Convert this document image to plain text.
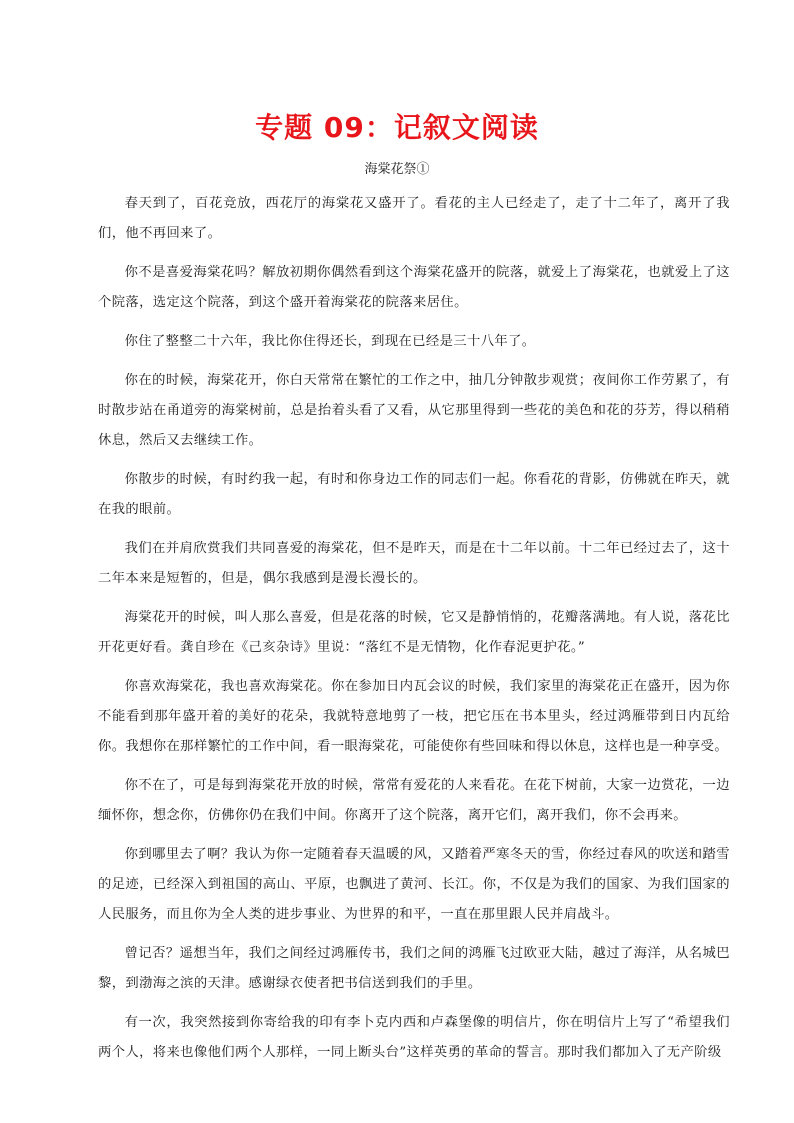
专题 09：记叙文阅读

海棠花祭①

春天到了，百花竞放，西花厅的海棠花又盛开了。看花的主人已经走了，走了十二年了，离开了我们，他不再回来了。

你不是喜爱海棠花吗？解放初期你偶然看到这个海棠花盛开的院落，就爱上了海棠花，也就爱上了这个院落，选定这个院落，到这个盛开着海棠花的院落来居住。

你住了整整二十六年，我比你住得还长，到现在已经是三十八年了。

你在的时候，海棠花开，你白天常常在繁忙的工作之中，抽几分钟散步观赏；夜间你工作劳累了，有时散步站在甬道旁的海棠树前，总是抬着头看了又看，从它那里得到一些花的美色和花的芬芳，得以稍稍休息，然后又去继续工作。

你散步的时候，有时约我一起，有时和你身边工作的同志们一起。你看花的背影，仿佛就在昨天，就在我的眼前。

我们在并肩欣赏我们共同喜爱的海棠花，但不是昨天，而是在十二年以前。十二年已经过去了，这十二年本来是短暂的，但是，偶尔我感到是漫长漫长的。

海棠花开的时候，叫人那么喜爱，但是花落的时候，它又是静悄悄的，花瓣落满地。有人说，落花比开花更好看。龚自珍在《己亥杂诗》里说：“落红不是无情物，化作春泥更护花。”

你喜欢海棠花，我也喜欢海棠花。你在参加日内瓦会议的时候，我们家里的海棠花正在盛开，因为你不能看到那年盛开着的美好的花朵，我就特意地剪了一枝，把它压在书本里头，经过鸿雁带到日内瓦给你。我想你在那样繁忙的工作中间，看一眼海棠花，可能使你有些回味和得以休息，这样也是一种享受。

你不在了，可是每到海棠花开放的时候，常常有爱花的人来看花。在花下树前，大家一边赏花，一边缅怀你，想念你，仿佛你仍在我们中间。你离开了这个院落，离开它们，离开我们，你不会再来。

你到哪里去了啊？我认为你一定随着春天温暖的风，又踏着严寒冬天的雪，你经过春风的吹送和踏雪的足迹，已经深入到祖国的高山、平原，也飘进了黄河、长江。你，不仅是为我们的国家、为我们国家的人民服务，而且你为全人类的进步事业、为世界的和平，一直在那里跟人民并肩战斗。

曾记否？遥想当年，我们之间经过鸿雁传书，我们之间的鸿雁飞过欧亚大陆，越过了海洋，从名城巴黎，到渤海之滨的天津。感谢绿衣使者把书信送到我们的手里。

有一次，我突然接到你寄给我的印有李卜克内西和卢森堡像的明信片，你在明信片上写了“希望我们两个人，将来也像他们两个人那样，一同上断头台”这样英勇的革命的誓言。那时我们都加入了无产阶级
